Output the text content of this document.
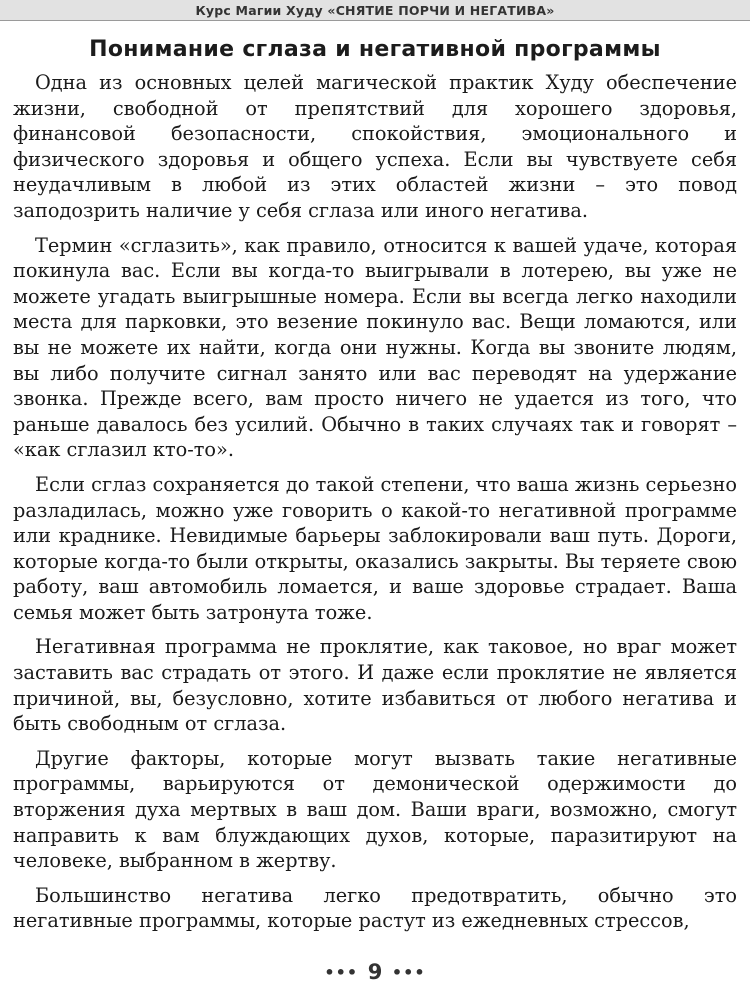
Курс Магии Худу «СНЯТИЕ ПОРЧИ И НЕГАТИВА»
Понимание сглаза и негативной программы

Одна из основных целей магической практик Худу обеспечение жизни, свободной от препятствий для хорошего здоровья, финансовой безопасности, спокойствия, эмоционального и физического здоровья и общего успеха. Если вы чувствуете себя неудачливым в любой из этих областей жизни – это повод заподозрить наличие у себя сглаза или иного негатива.

Термин «сглазить», как правило, относится к вашей удаче, которая покинула вас. Если вы когда-то выигрывали в лотерею, вы уже не можете угадать выигрышные номера. Если вы всегда легко находили места для парковки, это везение покинуло вас. Вещи ломаются, или вы не можете их найти, когда они нужны. Когда вы звоните людям, вы либо получите сигнал занято или вас переводят на удержание звонка. Прежде всего, вам просто ничего не удается из того, что раньше давалось без усилий. Обычно в таких случаях так и говорят – «как сглазил кто-то».

Если сглаз сохраняется до такой степени, что ваша жизнь серьезно разладилась, можно уже говорить о какой-то негативной программе или краднике. Невидимые барьеры заблокировали ваш путь. Дороги, которые когда-то были открыты, оказались закрыты. Вы теряете свою работу, ваш автомобиль ломается, и ваше здоровье страдает. Ваша семья может быть затронута тоже.

Негативная программа не проклятие, как таковое, но враг может заставить вас страдать от этого. И даже если проклятие не является причиной, вы, безусловно, хотите избавиться от любого негатива и быть свободным от сглаза.

Другие факторы, которые могут вызвать такие негативные программы, варьируются от демонической одержимости до вторжения духа мертвых в ваш дом. Ваши враги, возможно, смогут направить к вам блуждающих духов, которые, паразитируют на человеке, выбранном в жертву.

Большинство негатива легко предотвратить, обычно это негативные программы, которые растут из ежедневных стрессов,

••• 9 •••
